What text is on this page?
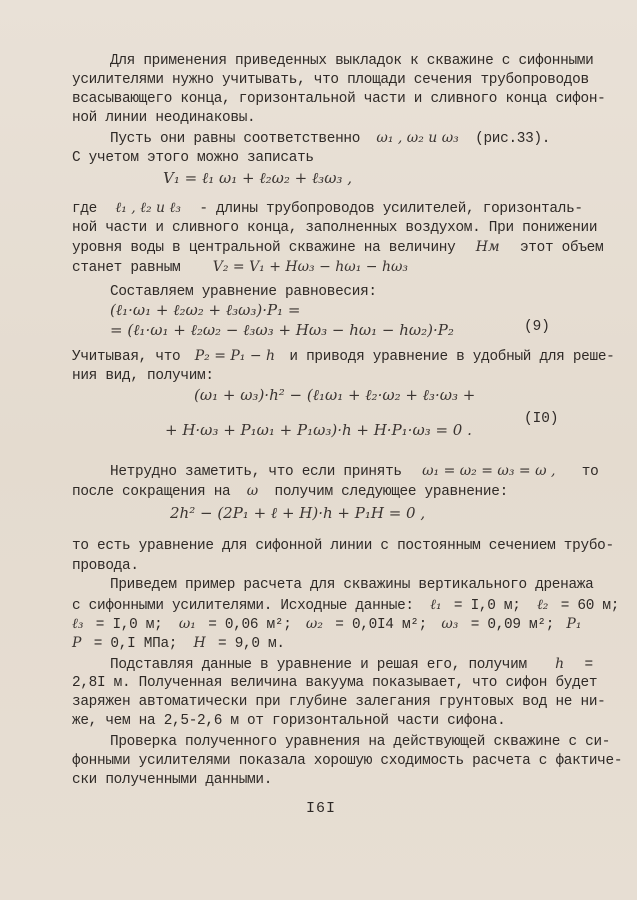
Для применения приведенных выкладок к скважине с сифонными
усилителями нужно учитывать, что площади сечения трубопроводов
всасывающего конца, горизонтальной части и сливного конца сифон-
ной линии неодинаковы.
Пусть они равны соответственно ω₁ , ω₂ и ω₃ (рис.33).
С учетом этого можно записать
V₁ = ℓ₁ ω₁ + ℓ₂ω₂ + ℓ₃ω₃ ,
где ℓ₁ , ℓ₂ и ℓ₃ - длины трубопроводов усилителей, горизонталь-
ной части и сливного конца, заполненных воздухом. При понижении
уровня воды в центральной скважине на величину Hм этот объем
станет равным V₂ = V₁ + Hω₃ − hω₁ − hω₃
Составляем уравнение равновесия:
(ℓ₁·ω₁ + ℓ₂ω₂ + ℓ₃ω₃)·P₁ =
= (ℓ₁·ω₁ + ℓ₂ω₂ − ℓ₃ω₃ + Hω₃ − hω₁ − hω₂)·P₂	(9)
Учитывая, что P₂ = P₁ − h и приводя уравнение в удобный для реше-
ния вид, получим:
(ω₁ + ω₃)·h² − (ℓ₁ω₁ + ℓ₂·ω₂ + ℓ₃·ω₃ +
+ H·ω₃ + P₁ω₁ + P₁ω₃)·h + H·P₁·ω₃ = 0 .
(I0)
Нетрудно заметить, что если принять ω₁ = ω₂ = ω₃ = ω , то
после сокращения на ω получим следующее уравнение:
2h² − (2P₁ + ℓ + H)·h + P₁H = 0 ,
то есть уравнение для сифонной линии с постоянным сечением трубо-
провода.
Приведем пример расчета для скважины вертикального дренажа
с сифонными усилителями. Исходные данные: ℓ₁ = I,0 м; ℓ₂ = 60 м;
ℓ₃ = I,0 м; ω₁ = 0,06 м²; ω₂ = 0,0I4 м²; ω₃ = 0,09 м²; P₁
P = 0,I МПа; H = 9,0 м.
Подставляя данные в уравнение и решая его, получим h =
2,8I м. Полученная величина вакуума показывает, что сифон будет
заряжен автоматически при глубине залегания грунтовых вод не ни-
же, чем на 2,5-2,6 м от горизонтальной части сифона.
Проверка полученного уравнения на действующей скважине с си-
фонными усилителями показала хорошую сходимость расчета с фактиче-
ски полученными данными.
I6I
